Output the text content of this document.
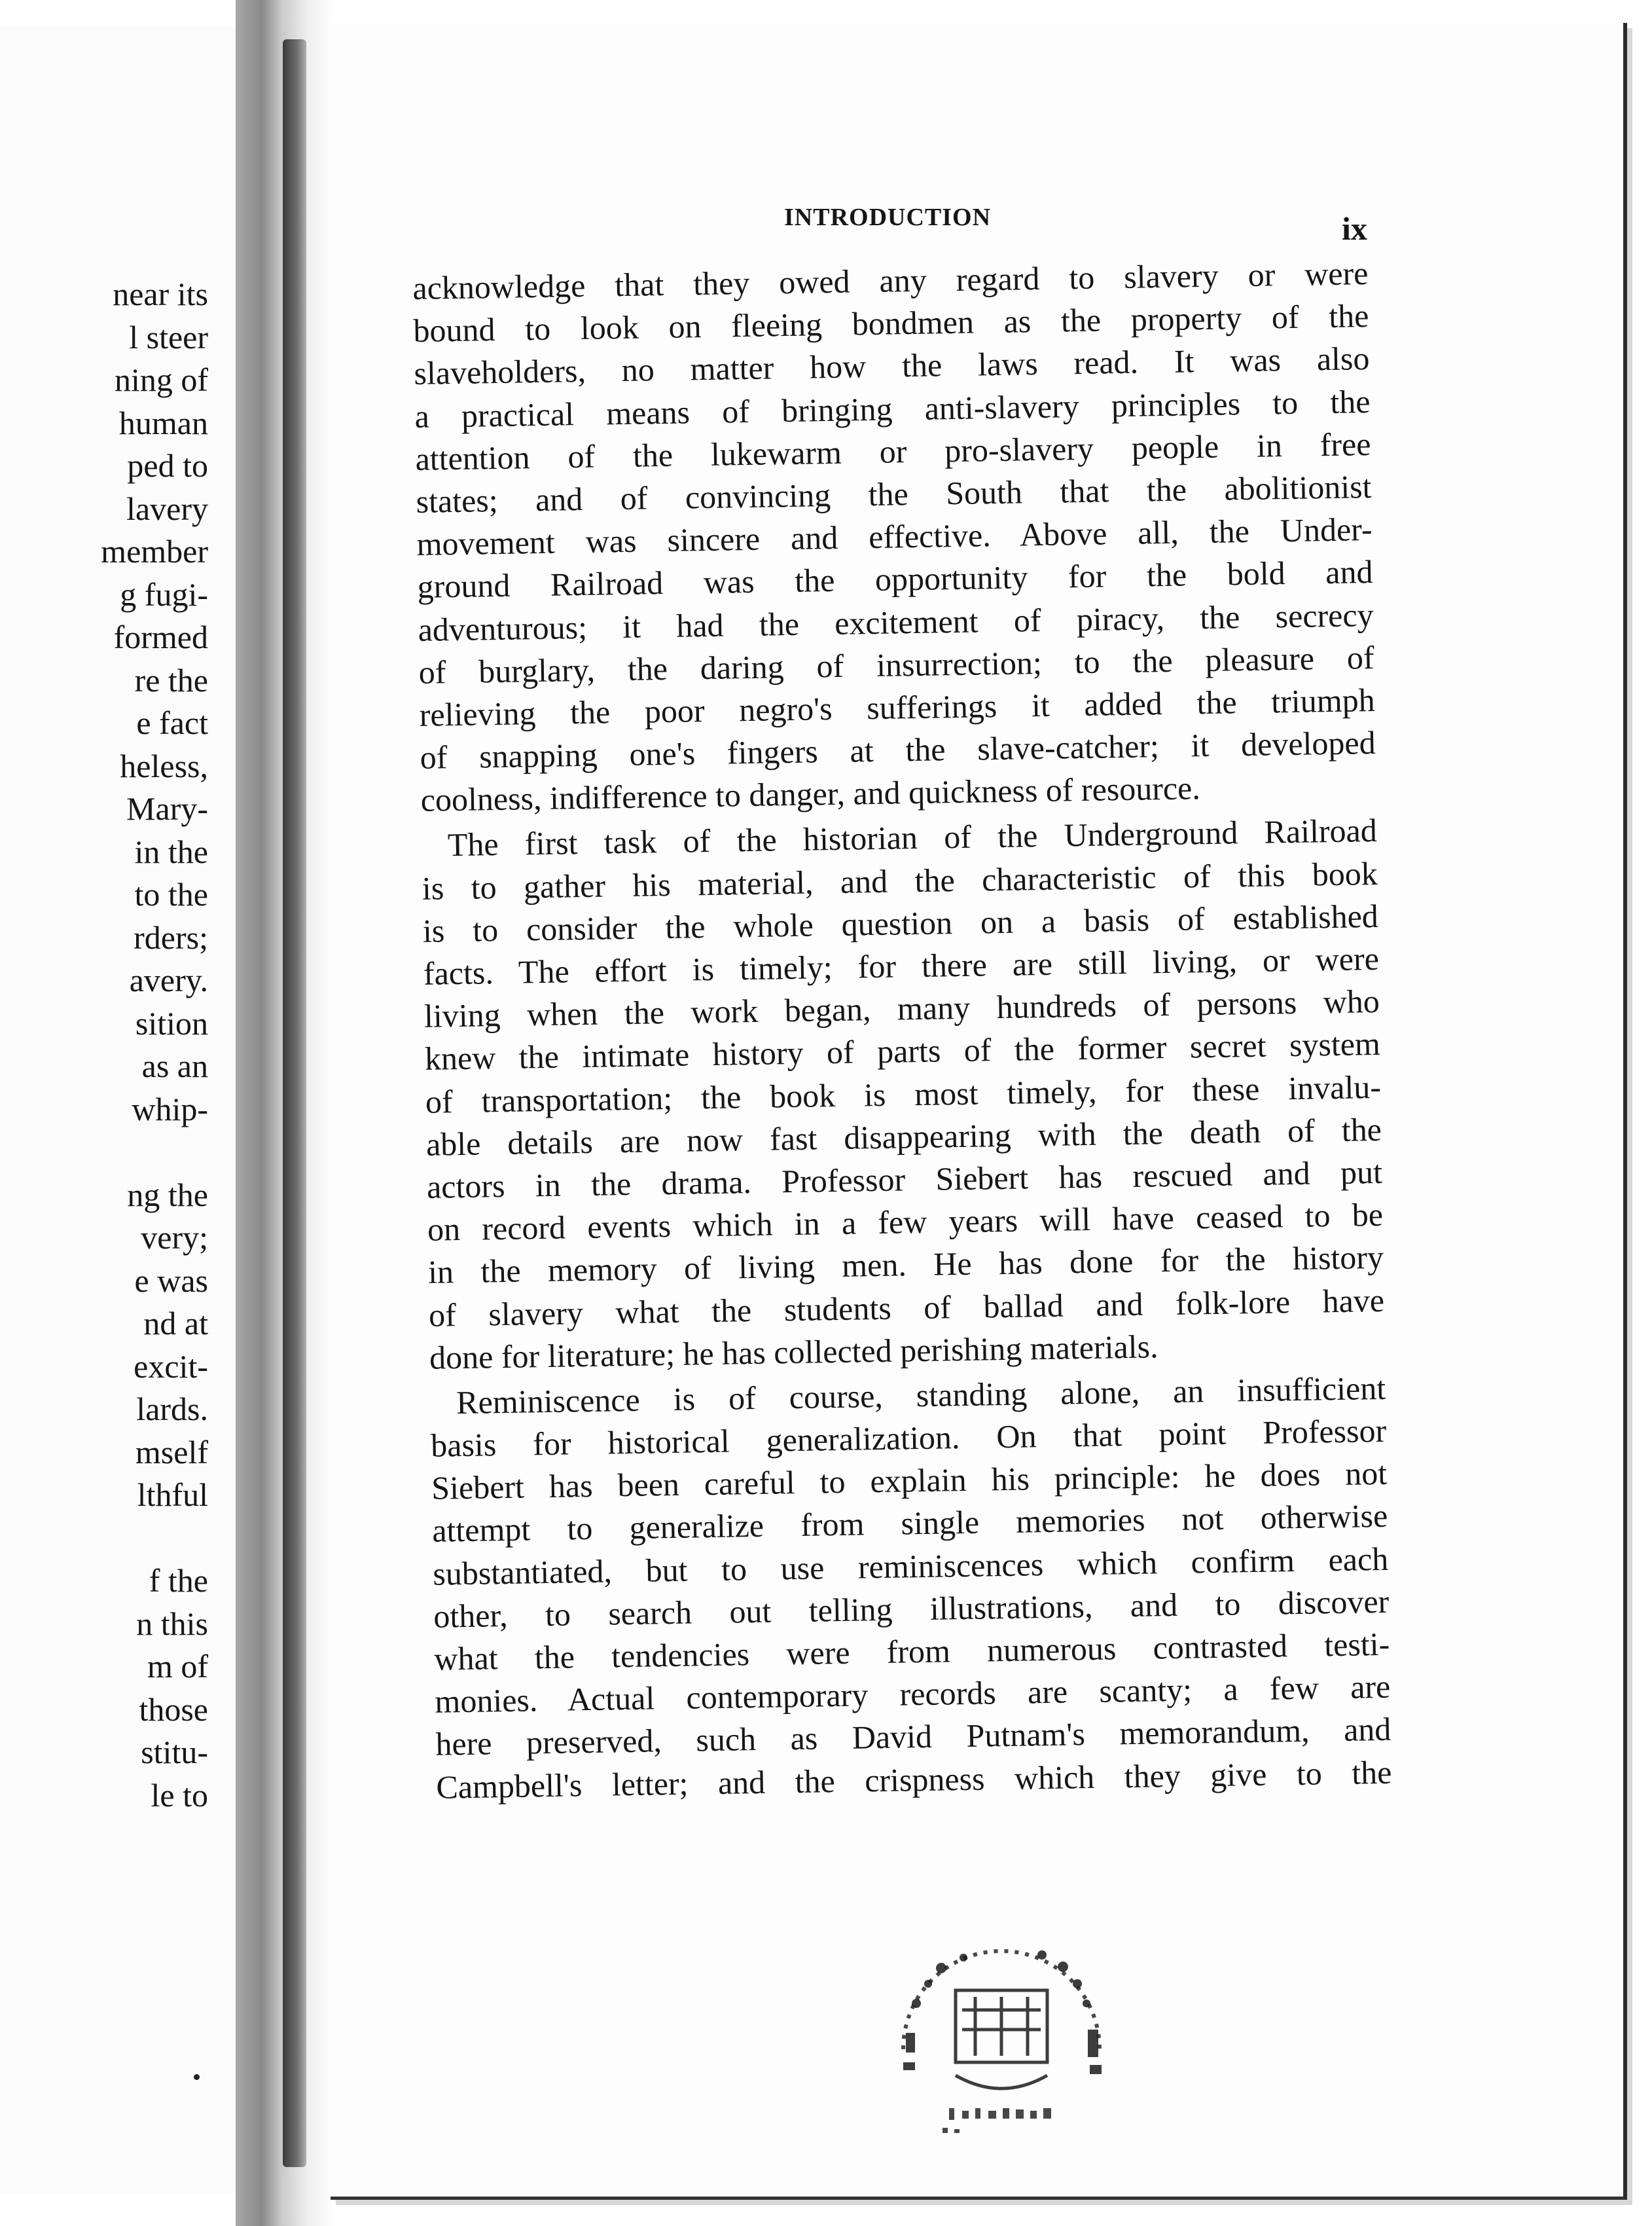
near its
l steer
ning of
human
ped to
lavery
member
g fugi-
formed
re the
e fact
heless,
Mary-
in the
to the
rders;
avery.
sition
as an
whip-
ng the
very;
e was
nd at
excit-
lards.
mself
lthful
f the
n this
m of
those
stitu-
le to
INTRODUCTION	ix
acknowledge that they owed any regard to slavery or were
bound to look on fleeing bondmen as the property of the
slaveholders, no matter how the laws read. It was also
a practical means of bringing anti-slavery principles to the
attention of the lukewarm or pro-slavery people in free
states; and of convincing the South that the abolitionist
movement was sincere and effective. Above all, the Under-
ground Railroad was the opportunity for the bold and
adventurous; it had the excitement of piracy, the secrecy
of burglary, the daring of insurrection; to the pleasure of
relieving the poor negro's sufferings it added the triumph
of snapping one's fingers at the slave-catcher; it developed
coolness, indifference to danger, and quickness of resource.
The first task of the historian of the Underground Railroad
is to gather his material, and the characteristic of this book
is to consider the whole question on a basis of established
facts. The effort is timely; for there are still living, or were
living when the work began, many hundreds of persons who
knew the intimate history of parts of the former secret system
of transportation; the book is most timely, for these invalu-
able details are now fast disappearing with the death of the
actors in the drama. Professor Siebert has rescued and put
on record events which in a few years will have ceased to be
in the memory of living men. He has done for the history
of slavery what the students of ballad and folk-lore have
done for literature; he has collected perishing materials.
Reminiscence is of course, standing alone, an insufficient
basis for historical generalization. On that point Professor
Siebert has been careful to explain his principle: he does not
attempt to generalize from single memories not otherwise
substantiated, but to use reminiscences which confirm each
other, to search out telling illustrations, and to discover
what the tendencies were from numerous contrasted testi-
monies. Actual contemporary records are scanty; a few are
here preserved, such as David Putnam's memorandum, and
Campbell's letter; and the crispness which they give to the
